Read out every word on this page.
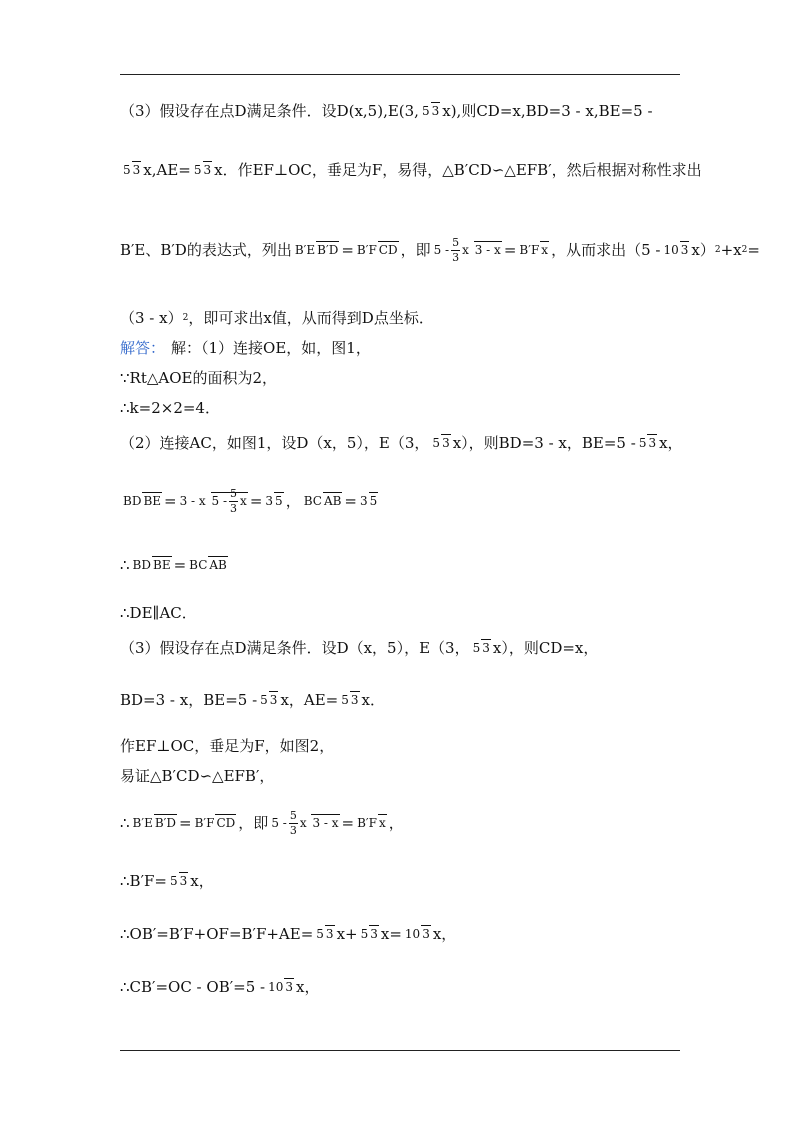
（3）假设存在点D满足条件．设D(x,5),E(3, 5 3 x),则CD=x,BD=3 - x,BE=5 -
5 3 x,AE= 5 3 x．作EF⊥OC，垂足为F，易得，△B′CD∽△EFB′，然后根据对称性求出
B′E、B′D的表达式，列出 B′E B′D = B′F CD ，即 $5 - \frac{5}{3}$ x 3 - x = B′F x ，从而求出（5 - 10 3 x） 2 +x 2 =
（3 - x） 2 ，即可求出x值，从而得到D点坐标．
解答： 解：（1）连接OE，如，图1，
∵Rt△AOE的面积为2，
∴k=2×2=4．
（2）连接AC，如图1，设D（x，5），E（3， 5 3 x），则BD=3 - x，BE=5 - 5 3 x，
BD BE = 3 - x $5 - \frac{5}{3}$ x = 3 5 ， BC AB = 3 5
∴ BD BE = BC AB
∴DE∥AC．
（3）假设存在点D满足条件．设D（x，5），E（3， 5 3 x），则CD=x，
BD=3 - x，BE=5 - 5 3 x，AE= 5 3 x．
作EF⊥OC，垂足为F，如图2，
易证△B′CD∽△EFB′，
∴ B′E B′D = B′F CD ，即 $5 - \frac{5}{3}$ x 3 - x = B′F x ，
∴B′F= 5 3 x，
∴OB′=B′F+OF=B′F+AE= 5 3 x+ 5 3 x= 10 3 x，
∴CB′=OC - OB′=5 - 10 3 x，
